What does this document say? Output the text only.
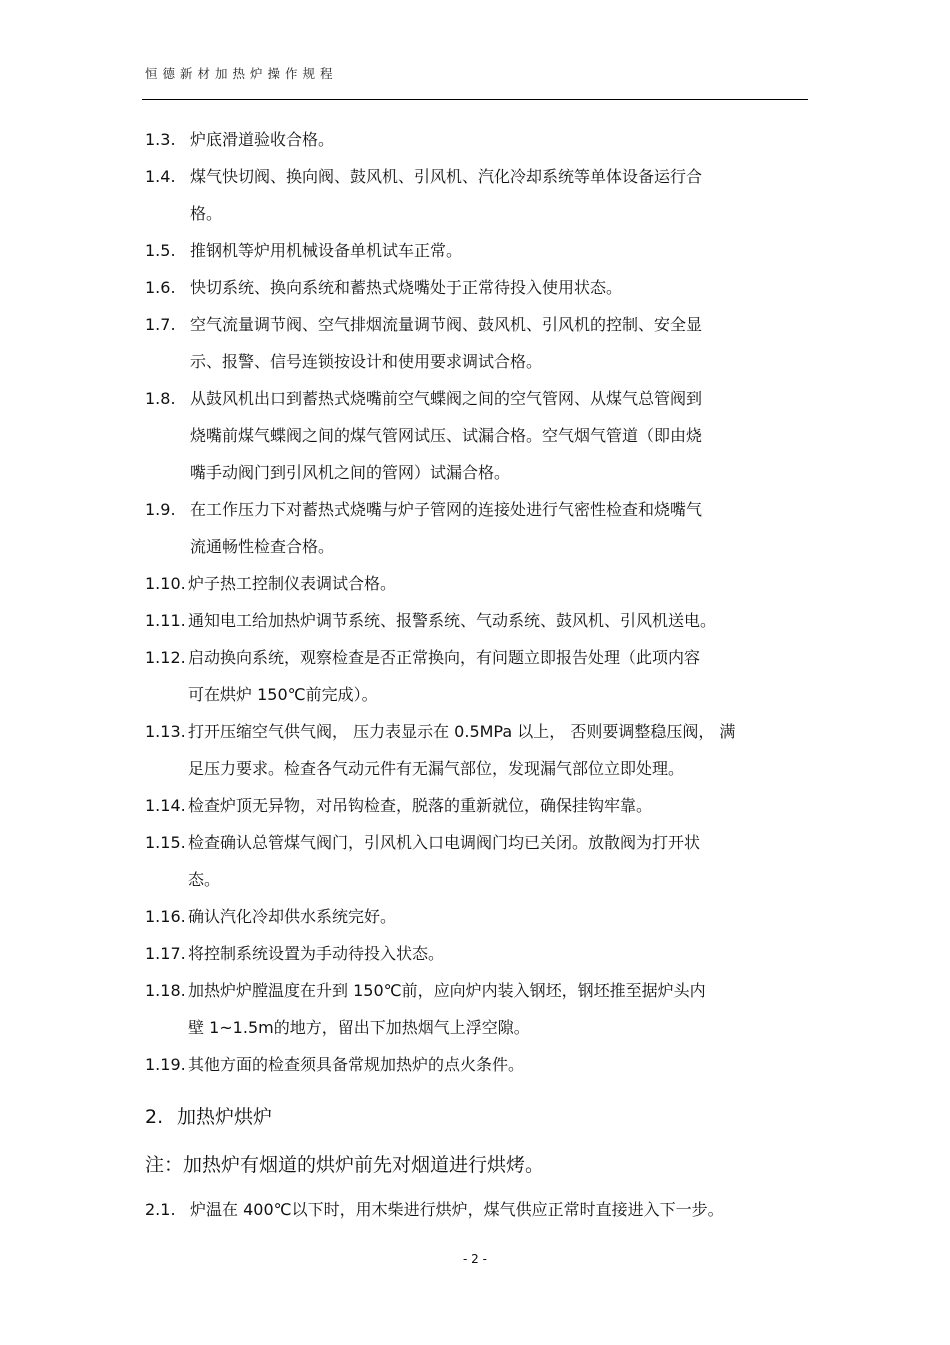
恒德新材加热炉操作规程
1.3. 炉底滑道验收合格。
1.4. 煤气快切阀、换向阀、鼓风机、引风机、汽化冷却系统等单体设备运行合
格。
1.5. 推钢机等炉用机械设备单机试车正常。
1.6. 快切系统、换向系统和蓄热式烧嘴处于正常待投入使用状态。
1.7. 空气流量调节阀、空气排烟流量调节阀、鼓风机、引风机的控制、安全显
示、报警、信号连锁按设计和使用要求调试合格。
1.8. 从鼓风机出口到蓄热式烧嘴前空气蝶阀之间的空气管网、从煤气总管阀到
烧嘴前煤气蝶阀之间的煤气管网试压、试漏合格。空气烟气管道（即由烧
嘴手动阀门到引风机之间的管网）试漏合格。
1.9. 在工作压力下对蓄热式烧嘴与炉子管网的连接处进行气密性检查和烧嘴气
流通畅性检查合格。
1.10. 炉子热工控制仪表调试合格。
1.11. 通知电工给加热炉调节系统、报警系统、气动系统、鼓风机、引风机送电。
1.12. 启动换向系统，观察检查是否正常换向，有问题立即报告处理（此项内容
可在烘炉 150℃前完成）。
1.13. 打开压缩空气供气阀， 压力表显示在 0.5MPa 以上， 否则要调整稳压阀， 满
足压力要求。检查各气动元件有无漏气部位，发现漏气部位立即处理。
1.14. 检查炉顶无异物，对吊钩检查，脱落的重新就位，确保挂钩牢靠。
1.15. 检查确认总管煤气阀门，引风机入口电调阀门均已关闭。放散阀为打开状
态。
1.16. 确认汽化冷却供水系统完好。
1.17. 将控制系统设置为手动待投入状态。
1.18. 加热炉炉膛温度在升到 150℃前，应向炉内装入钢坯，钢坯推至据炉头内
壁 1~1.5m的地方，留出下加热烟气上浮空隙。
1.19. 其他方面的检查须具备常规加热炉的点火条件。
2. 加热炉烘炉
注：加热炉有烟道的烘炉前先对烟道进行烘烤。
2.1. 炉温在 400℃以下时，用木柴进行烘炉，煤气供应正常时直接进入下一步。
- 2 -
